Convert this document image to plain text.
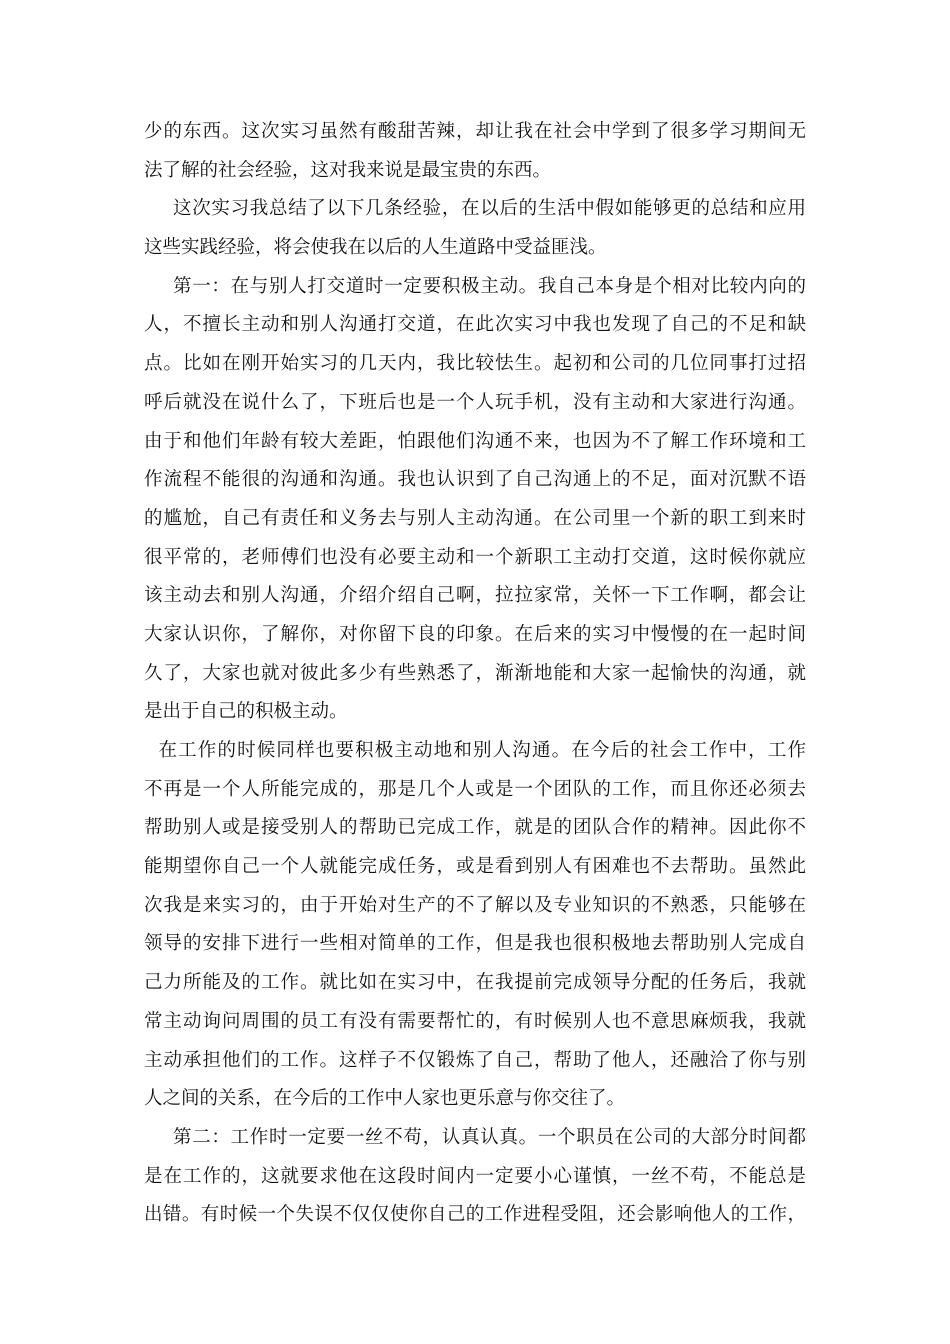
少的东西。这次实习虽然有酸甜苦辣，却让我在社会中学到了很多学习期间无
法了解的社会经验，这对我来说是最宝贵的东西。
这次实习我总结了以下几条经验，在以后的生活中假如能够更的总结和应用
这些实践经验，将会使我在以后的人生道路中受益匪浅。
第一：在与别人打交道时一定要积极主动。我自己本身是个相对比较内向的
人，不擅长主动和别人沟通打交道，在此次实习中我也发现了自己的不足和缺
点。比如在刚开始实习的几天内，我比较怯生。起初和公司的几位同事打过招
呼后就没在说什么了，下班后也是一个人玩手机，没有主动和大家进行沟通。
由于和他们年龄有较大差距，怕跟他们沟通不来，也因为不了解工作环境和工
作流程不能很的沟通和沟通。我也认识到了自己沟通上的不足，面对沉默不语
的尴尬，自己有责任和义务去与别人主动沟通。在公司里一个新的职工到来时
很平常的，老师傅们也没有必要主动和一个新职工主动打交道，这时候你就应
该主动去和别人沟通，介绍介绍自己啊，拉拉家常，关怀一下工作啊，都会让
大家认识你，了解你，对你留下良的印象。在后来的实习中慢慢的在一起时间
久了，大家也就对彼此多少有些熟悉了，渐渐地能和大家一起愉快的沟通，就
是出于自己的积极主动。
在工作的时候同样也要积极主动地和别人沟通。在今后的社会工作中，工作
不再是一个人所能完成的，那是几个人或是一个团队的工作，而且你还必须去
帮助别人或是接受别人的帮助已完成工作，就是的团队合作的精神。因此你不
能期望你自己一个人就能完成任务，或是看到别人有困难也不去帮助。虽然此
次我是来实习的，由于开始对生产的不了解以及专业知识的不熟悉，只能够在
领导的安排下进行一些相对简单的工作，但是我也很积极地去帮助别人完成自
己力所能及的工作。就比如在实习中，在我提前完成领导分配的任务后，我就
常主动询问周围的员工有没有需要帮忙的，有时候别人也不意思麻烦我，我就
主动承担他们的工作。这样子不仅锻炼了自己，帮助了他人，还融洽了你与别
人之间的关系，在今后的工作中人家也更乐意与你交往了。
第二：工作时一定要一丝不苟，认真认真。一个职员在公司的大部分时间都
是在工作的，这就要求他在这段时间内一定要小心谨慎，一丝不苟，不能总是
出错。有时候一个失误不仅仅使你自己的工作进程受阻，还会影响他人的工作，
